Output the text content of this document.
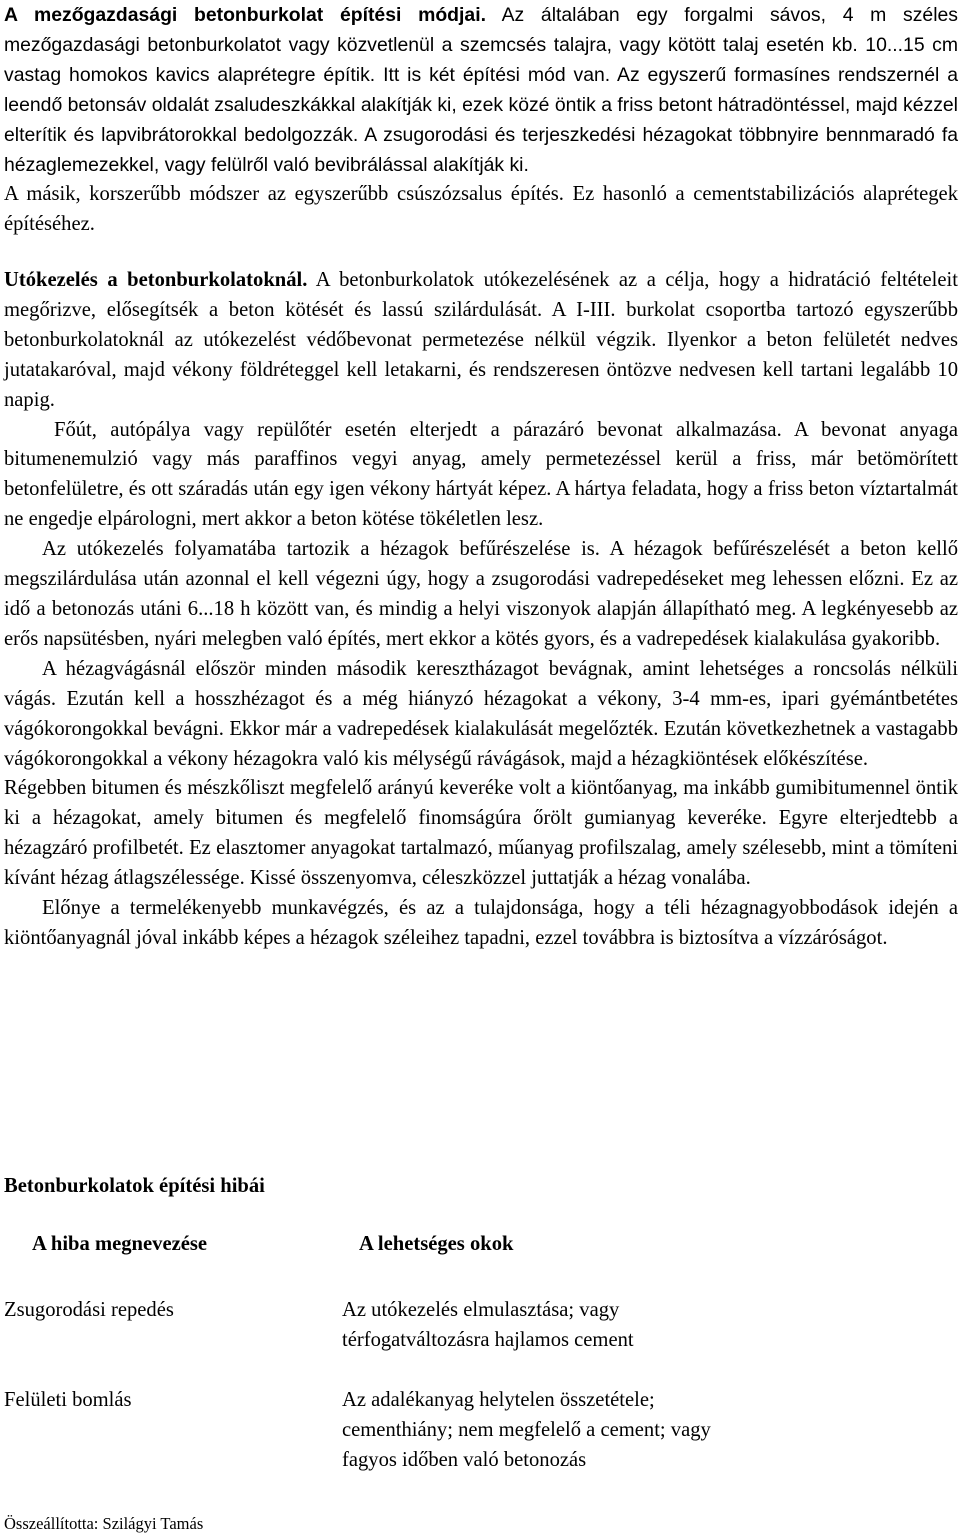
A mezőgazdasági betonburkolat építési módjai. Az általában egy forgalmi sávos, 4 m széles mezőgazdasági betonburkolatot vagy közvetlenül a szemcsés talajra, vagy kötött talaj esetén kb. 10...15 cm vastag homokos kavics alaprétegre építik. Itt is két építési mód van. Az egyszerű formasínes rendszernél a leendő betonsáv oldalát zsaludeszkákkal alakítják ki, ezek közé öntik a friss betont hátradöntéssel, majd kézzel elterítik és lapvibrátorokkal bedolgozzák. A zsugorodási és terjeszkedési hézagokat többnyire bennmaradó fa hézaglemezekkel, vagy felülről való bevibrálással alakítják ki.

A másik, korszerűbb módszer az egyszerűbb csúszózsalus építés. Ez hasonló a cementstabilizációs alaprétegek építéséhez.

Utókezelés a betonburkolatoknál. A betonburkolatok utókezelésének az a célja, hogy a hidratáció feltételeit megőrizve, elősegítsék a beton kötését és lassú szilárdulását. A I-III. burkolat csoportba tartozó egyszerűbb betonburkolatoknál az utókezelést védőbevonat permetezése nélkül végzik. Ilyenkor a beton felületét nedves jutatakaróval, majd vékony földréteggel kell letakarni, és rendszeresen öntözve nedvesen kell tartani legalább 10 napig.

Főút, autópálya vagy repülőtér esetén elterjedt a párazáró bevonat alkalmazása. A bevonat anyaga bitumenemulzió vagy más paraffinos vegyi anyag, amely permetezéssel kerül a friss, már betömörített betonfelületre, és ott száradás után egy igen vékony hártyát képez. A hártya feladata, hogy a friss beton víztartalmát ne engedje elpárologni, mert akkor a beton kötése tökéletlen lesz.

Az utókezelés folyamatába tartozik a hézagok befűrészelése is. A hézagok befűrészelését a beton kellő megszilárdulása után azonnal el kell végezni úgy, hogy a zsugorodási vadrepedéseket meg lehessen előzni. Ez az idő a betonozás utáni 6...18 h között van, és mindig a helyi viszonyok alapján állapítható meg. A legkényesebb az erős napsütésben, nyári melegben való építés, mert ekkor a kötés gyors, és a vadrepedések kialakulása gyakoribb.

A hézagvágásnál először minden második keresztházagot bevágnak, amint lehetséges a roncsolás nélküli vágás. Ezután kell a hosszhézagot és a még hiányzó hézagokat a vékony, 3-4 mm-es, ipari gyémántbetétes vágókorongokkal bevágni. Ekkor már a vadrepedések kialakulását megelőzték. Ezután következhetnek a vastagabb vágókorongokkal a vékony hézagokra való kis mélységű rávágások, majd a hézagkiöntések előkészítése.

Régebben bitumen és mészkőliszt megfelelő arányú keveréke volt a kiöntőanyag, ma inkább gumibitumennel öntik ki a hézagokat, amely bitumen és megfelelő finomságúra őrölt gumianyag keveréke. Egyre elterjedtebb a hézagzáró profilbetét. Ez elasztomer anyagokat tartalmazó, műanyag profilszalag, amely szélesebb, mint a tömíteni kívánt hézag átlagszélessége. Kissé összenyomva, céleszközzel juttatják a hézag vonalába.

Előnye a termelékenyebb munkavégzés, és az a tulajdonsága, hogy a téli hézagnagyobbodások idején a kiöntőanyagnál jóval inkább képes a hézagok széleihez tapadni, ezzel továbbra is biztosítva a vízzáróságot.

Betonburkolatok építési hibái

A hiba megnevezése	A lehetséges okok

Zsugorodási repedés	Az utókezelés elmulasztása; vagy térfogatváltozásra hajlamos cement

Felületi bomlás	Az adalékanyag helytelen összetétele; cementhiány; nem megfelelő a cement; vagy fagyos időben való betonozás

Összeállította: Szilágyi Tamás
